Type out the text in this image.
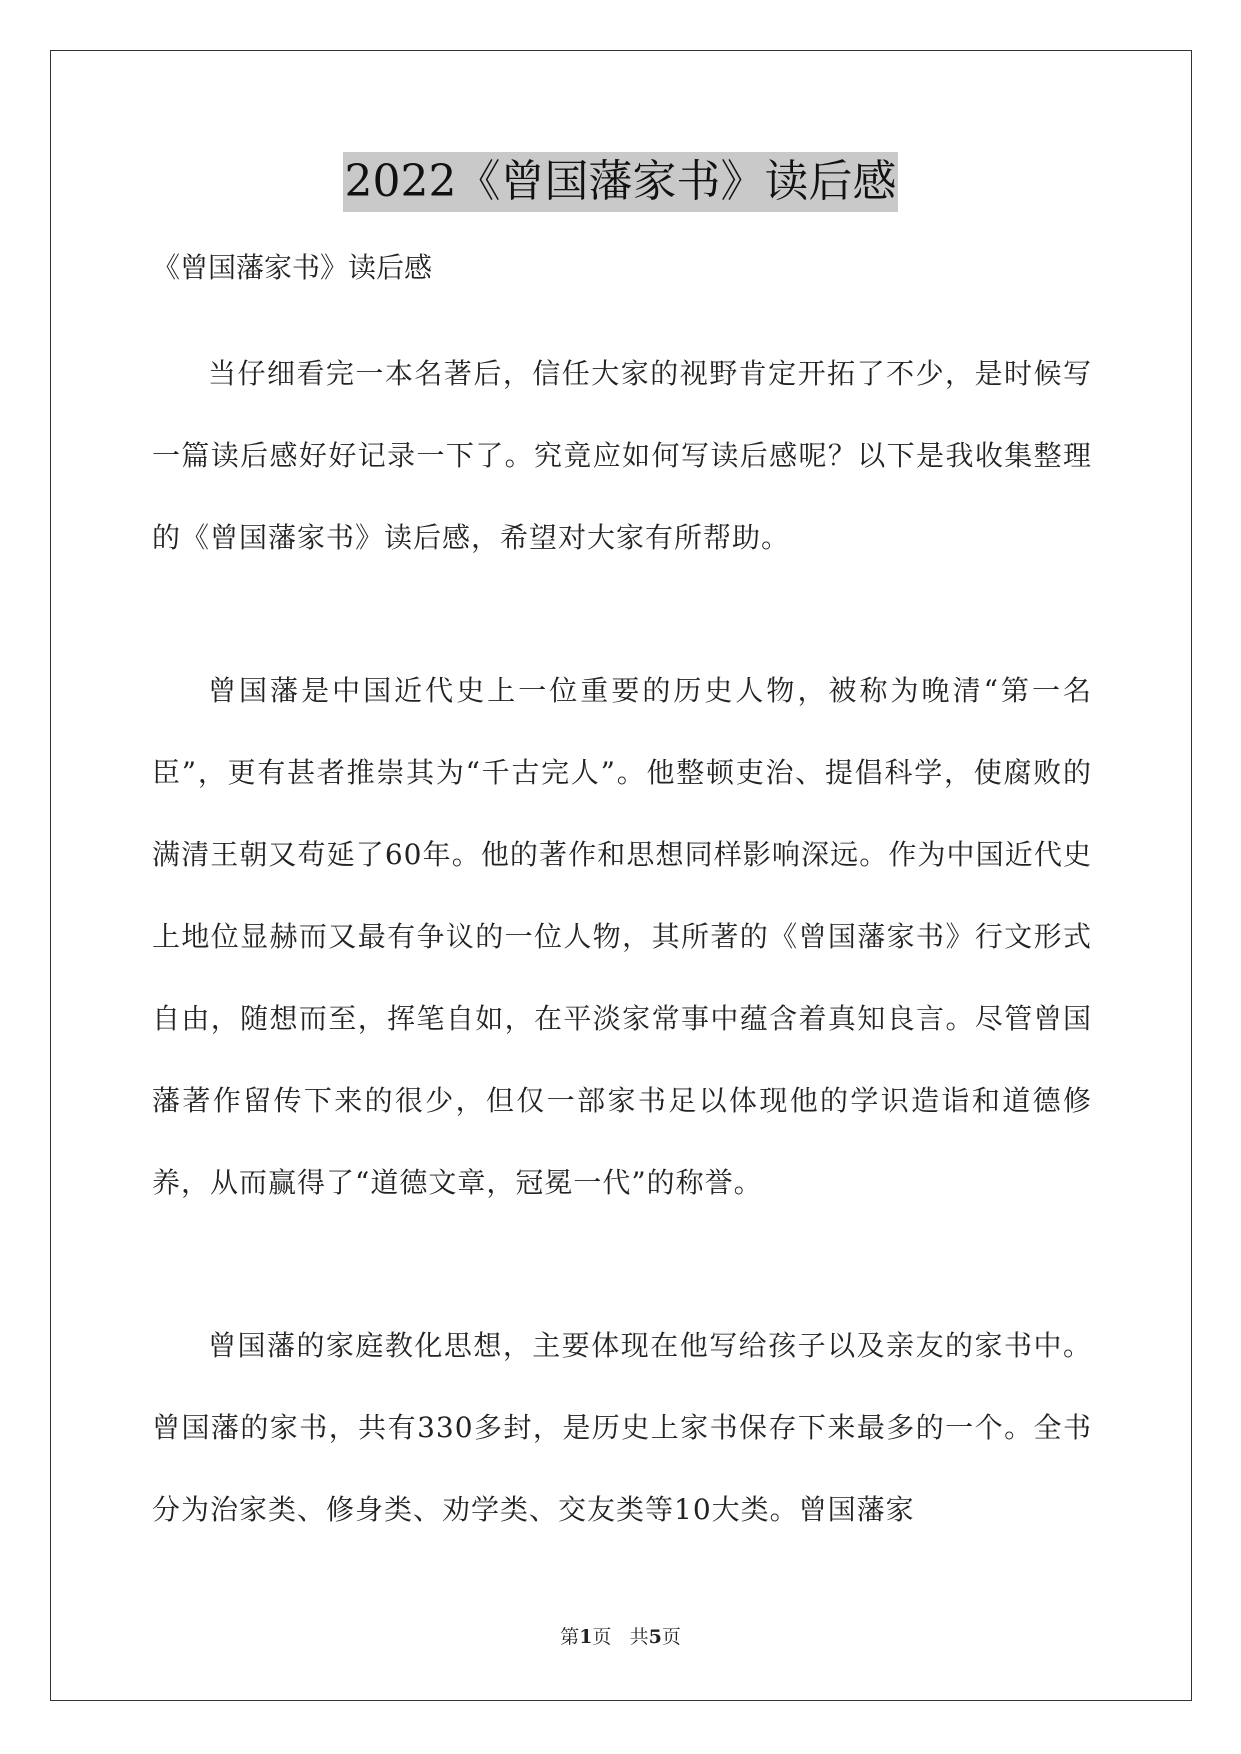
2022《曾国藩家书》读后感
《曾国藩家书》读后感

当仔细看完一本名著后，信任大家的视野肯定开拓了不少，是时候写一篇读后感好好记录一下了。究竟应如何写读后感呢？以下是我收集整理的《曾国藩家书》读后感，希望对大家有所帮助。

曾国藩是中国近代史上一位重要的历史人物，被称为晚清“第一名臣”，更有甚者推崇其为“千古完人”。他整顿吏治、提倡科学，使腐败的满清王朝又苟延了60年。他的著作和思想同样影响深远。作为中国近代史上地位显赫而又最有争议的一位人物，其所著的《曾国藩家书》行文形式自由，随想而至，挥笔自如，在平淡家常事中蕴含着真知良言。尽管曾国藩著作留传下来的很少，但仅一部家书足以体现他的学识造诣和道德修养，从而赢得了“道德文章，冠冕一代”的称誉。

曾国藩的家庭教化思想，主要体现在他写给孩子以及亲友的家书中。曾国藩的家书，共有330多封，是历史上家书保存下来最多的一个。全书分为治家类、修身类、劝学类、交友类等10大类。曾国藩家

第1页 共5页
